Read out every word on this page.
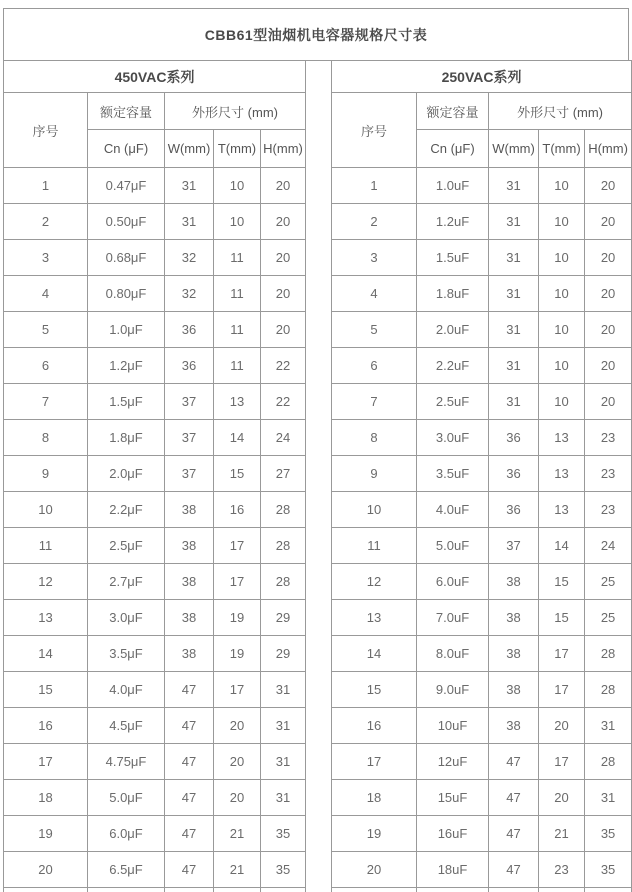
CBB61型油烟机电容器规格尺寸表
450VAC系列				
序号	额定容量	外形尺寸 (mm)		
	Cn (μF)	W(mm)	T(mm)	H(mm)
1	0.47μF	31	10	20
2	0.50μF	31	10	20
3	0.68μF	32	11	20
4	0.80μF	32	11	20
5	1.0μF	36	11	20
6	1.2μF	36	11	22
7	1.5μF	37	13	22
8	1.8μF	37	14	24
9	2.0μF	37	15	27
10	2.2μF	38	16	28
11	2.5μF	38	17	28
12	2.7μF	38	17	28
13	3.0μF	38	19	29
14	3.5μF	38	19	29
15	4.0μF	47	17	31
16	4.5μF	47	20	31
17	4.75μF	47	20	31
18	5.0μF	47	20	31
19	6.0μF	47	21	35
20	6.5μF	47	21	35

250VAC系列				
序号	额定容量	外形尺寸 (mm)		
	Cn (μF)	W(mm)	T(mm)	H(mm)
1	1.0uF	31	10	20
2	1.2uF	31	10	20
3	1.5uF	31	10	20
4	1.8uF	31	10	20
5	2.0uF	31	10	20
6	2.2uF	31	10	20
7	2.5uF	31	10	20
8	3.0uF	36	13	23
9	3.5uF	36	13	23
10	4.0uF	36	13	23
11	5.0uF	37	14	24
12	6.0uF	38	15	25
13	7.0uF	38	15	25
14	8.0uF	38	17	28
15	9.0uF	38	17	28
16	10uF	38	20	31
17	12uF	47	17	28
18	15uF	47	20	31
19	16uF	47	21	35
20	18uF	47	23	35
